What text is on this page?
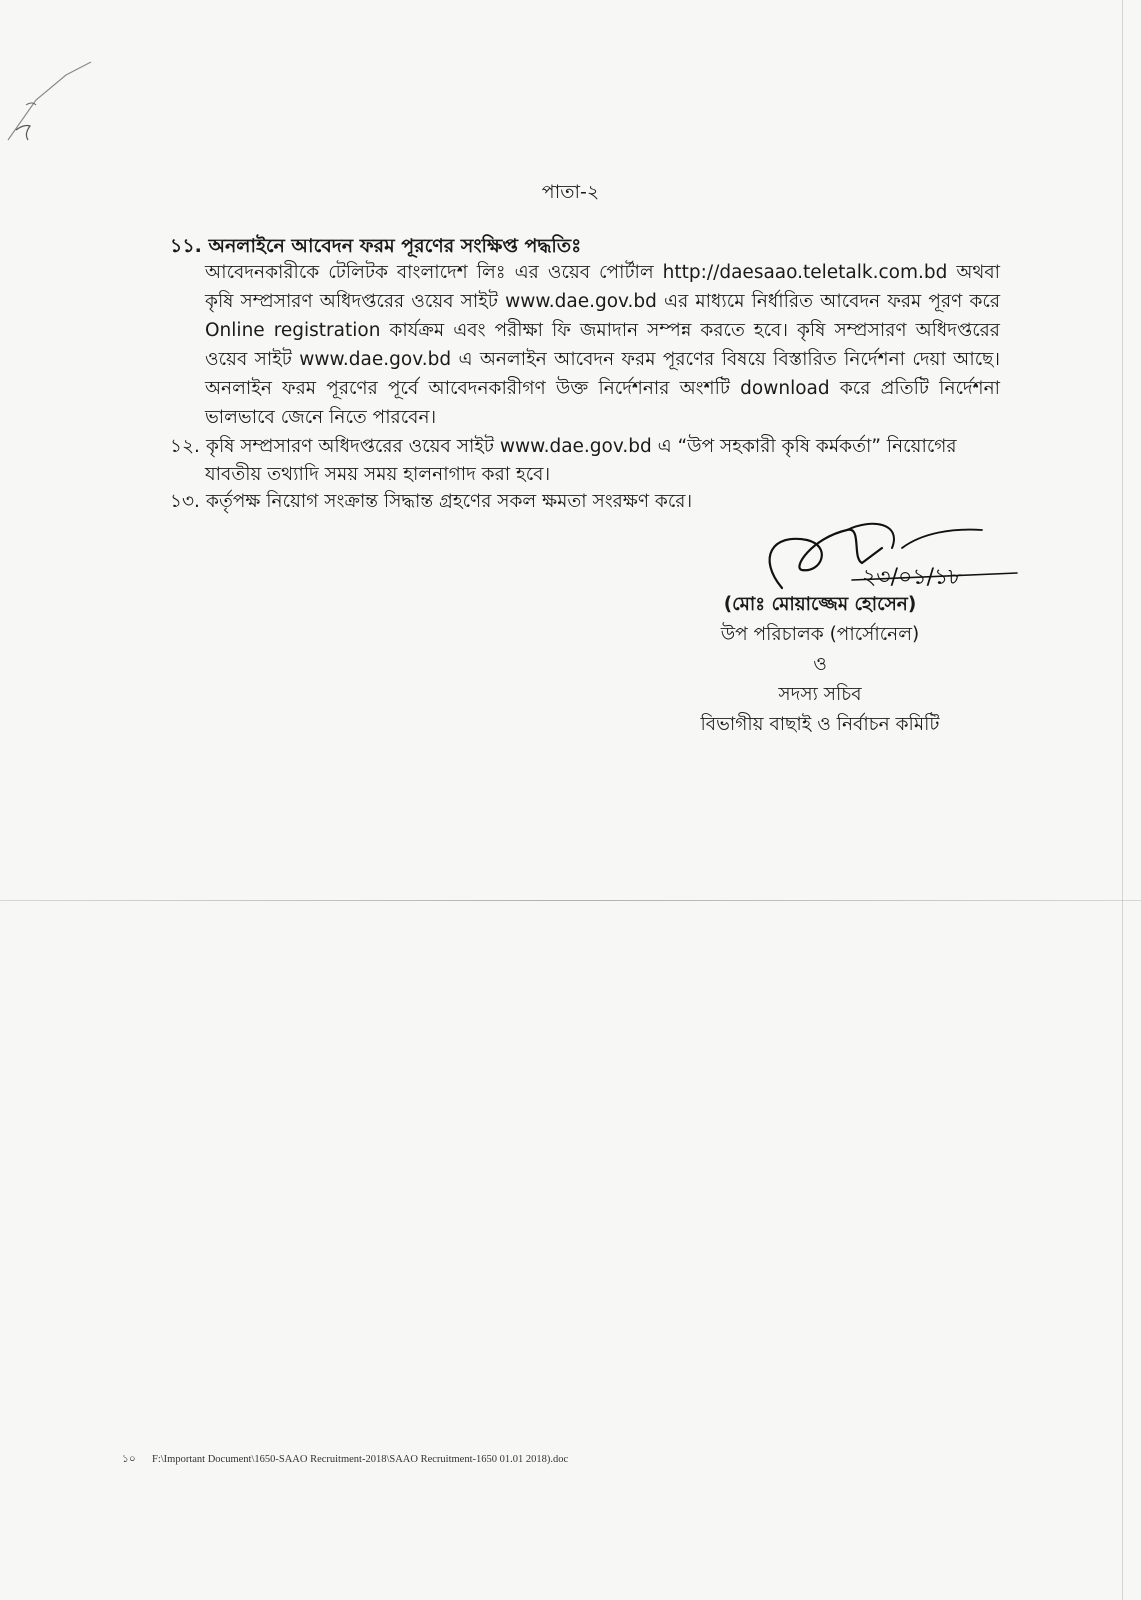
পাতা-২
১১. অনলাইনে আবেদন ফরম পূরণের সংক্ষিপ্ত পদ্ধতিঃ
আবেদনকারীকে টেলিটক বাংলাদেশ লিঃ এর ওয়েব পোর্টাল http://daesaao.teletalk.com.bd অথবা কৃষি সম্প্রসারণ অধিদপ্তরের ওয়েব সাইট www.dae.gov.bd এর মাধ্যমে নির্ধারিত আবেদন ফরম পূরণ করে Online registration কার্যক্রম এবং পরীক্ষা ফি জমাদান সম্পন্ন করতে হবে। কৃষি সম্প্রসারণ অধিদপ্তরের ওয়েব সাইট www.dae.gov.bd এ অনলাইন আবেদন ফরম পূরণের বিষয়ে বিস্তারিত নির্দেশনা দেয়া আছে। অনলাইন ফরম পূরণের পূর্বে আবেদনকারীগণ উক্ত নির্দেশনার অংশটি download করে প্রতিটি নির্দেশনা ভালভাবে জেনে নিতে পারবেন।
১২. কৃষি সম্প্রসারণ অধিদপ্তরের ওয়েব সাইট www.dae.gov.bd এ “উপ সহকারী কৃষি কর্মকর্তা” নিয়োগের
যাবতীয় তথ্যাদি সময় সময় হালনাগাদ করা হবে।
১৩. কর্তৃপক্ষ নিয়োগ সংক্রান্ত সিদ্ধান্ত গ্রহণের সকল ক্ষমতা সংরক্ষণ করে।
২৩/০১/১৮
(মোঃ মোয়াজ্জেম হোসেন)
উপ পরিচালক (পার্সোনেল)
ও
সদস্য সচিব
বিভাগীয় বাছাই ও নির্বাচন কমিটি
১০ F:\Important Document\1650-SAAO Recruitment-2018\SAAO Recruitment-1650 01.01 2018).doc
